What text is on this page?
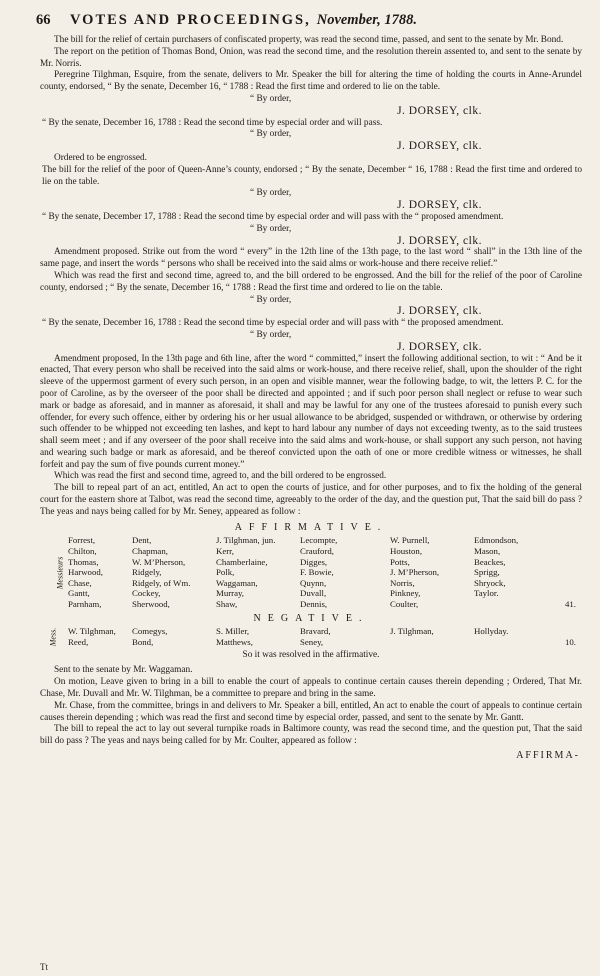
66	VOTES AND PROCEEDINGS, November, 1788.

The bill for the relief of certain purchasers of confiscated property, was read the second time, passed, and sent to the senate by Mr. Bond.

The report on the petition of Thomas Bond, Onion, was read the second time, and the resolution therein assented to, and sent to the senate by Mr. Norris.

Peregrine Tilghman, Esquire, from the senate, delivers to Mr. Speaker the bill for altering the time of holding the courts in Anne-Arundel county, endorsed, “ By the senate, December 16, “ 1788 : Read the first time and ordered to lie on the table.

“ By order,

J. DORSEY, clk.

“ By the senate, December 16, 1788 : Read the second time by especial order and will pass.

“ By order,

J. DORSEY, clk.

Ordered to be engrossed.

The bill for the relief of the poor of Queen-Anne’s county, endorsed ; “ By the senate, December “ 16, 1788 : Read the first time and ordered to lie on the table.

“ By order,

J. DORSEY, clk.

“ By the senate, December 17, 1788 : Read the second time by especial order and will pass with the “ proposed amendment.

“ By order,

J. DORSEY, clk.

Amendment proposed. Strike out from the word “ every” in the 12th line of the 13th page, to the last word “ shall” in the 13th line of the same page, and insert the words “ persons who shall be received into the said alms or work-house and there receive relief.”

Which was read the first and second time, agreed to, and the bill ordered to be engrossed. And the bill for the relief of the poor of Caroline county, endorsed ; “ By the senate, December 16, “ 1788 : Read the first time and ordered to lie on the table.

“ By order,

J. DORSEY, clk.

“ By the senate, December 16, 1788 : Read the second time by especial order and will pass with “ the proposed amendment.

“ By order,

J. DORSEY, clk.

Amendment proposed, In the 13th page and 6th line, after the word “ committed,” insert the following additional section, to wit : “ And be it enacted, That every person who shall be received into the said alms or work-house, and there receive relief, shall, upon the shoulder of the right sleeve of the uppermost garment of every such person, in an open and visible manner, wear the following badge, to wit, the letters P. C. for the poor of Caroline, as by the overseer of the poor shall be directed and appointed ; and if such poor person shall neglect or refuse to wear such mark or badge as aforesaid, and in manner as aforesaid, it shall and may be lawful for any one of the trustees aforesaid to punish every such offender, for every such offence, either by ordering his or her usual allowance to be abridged, suspended or withdrawn, or otherwise by ordering such offender to be whipped not exceeding ten lashes, and kept to hard labour any number of days not exceeding twenty, as to the said trustees shall seem meet ; and if any overseer of the poor shall receive into the said alms and work-house, or shall support any such person, not having and wearing such badge or mark as aforesaid, and be thereof convicted upon the oath of one or more credible witness or witnesses, he shall forfeit and pay the sum of five pounds current money.”

Which was read the first and second time, agreed to, and the bill ordered to be engrossed.

The bill to repeal part of an act, entitled, An act to open the courts of justice, and for other purposes, and to fix the holding of the general court for the eastern shore at Talbot, was read the second time, agreeably to the order of the day, and the question put, That the said bill do pass ? The yeas and nays being called for by Mr. Seney, appeared as follow :

AFFIRMATIVE.
Messieurs
Forrest,
Chilton,
Thomas,
Harwood,
Chase,
Gantt,
Parnham,
Dent,
Chapman,
W. M’Pherson,
Ridgely,
Ridgely, of Wm.
Cockey,
Sherwood,
J. Tilghman, jun.
Kerr,
Chamberlaine,
Polk,
Waggaman,
Murray,
Shaw,
Lecompte,
Crauford,
Digges,
F. Bowie,
Quynn,
Duvall,
Dennis,
W. Purnell,
Houston,
Potts,
J. M’Pherson,
Norris,
Pinkney,
Coulter,
Edmondson,
Mason,
Beackes,
Sprigg,
Shryock,
Taylor.
41.
NEGATIVE.
Mess. W. Tilghman,
Reed,
Comegys,
Bond,
S. Miller,
Matthews,
Bravard,
Seney,
J. Tilghman,	Hollyday.
10.
So it was resolved in the affirmative.

Sent to the senate by Mr. Waggaman.

On motion, Leave given to bring in a bill to enable the court of appeals to continue certain causes therein depending ; Ordered, That Mr. Chase, Mr. Duvall and Mr. W. Tilghman, be a committee to prepare and bring in the same.

Mr. Chase, from the committee, brings in and delivers to Mr. Speaker a bill, entitled, An act to enable the court of appeals to continue certain causes therein depending ; which was read the first and second time by especial order, passed, and sent to the senate by Mr. Gantt.

The bill to repeal the act to lay out several turnpike roads in Baltimore county, was read the second time, and the question put, That the said bill do pass ? The yeas and nays being called for by Mr. Coulter, appeared as follow :

AFFIRMA-
Tt
